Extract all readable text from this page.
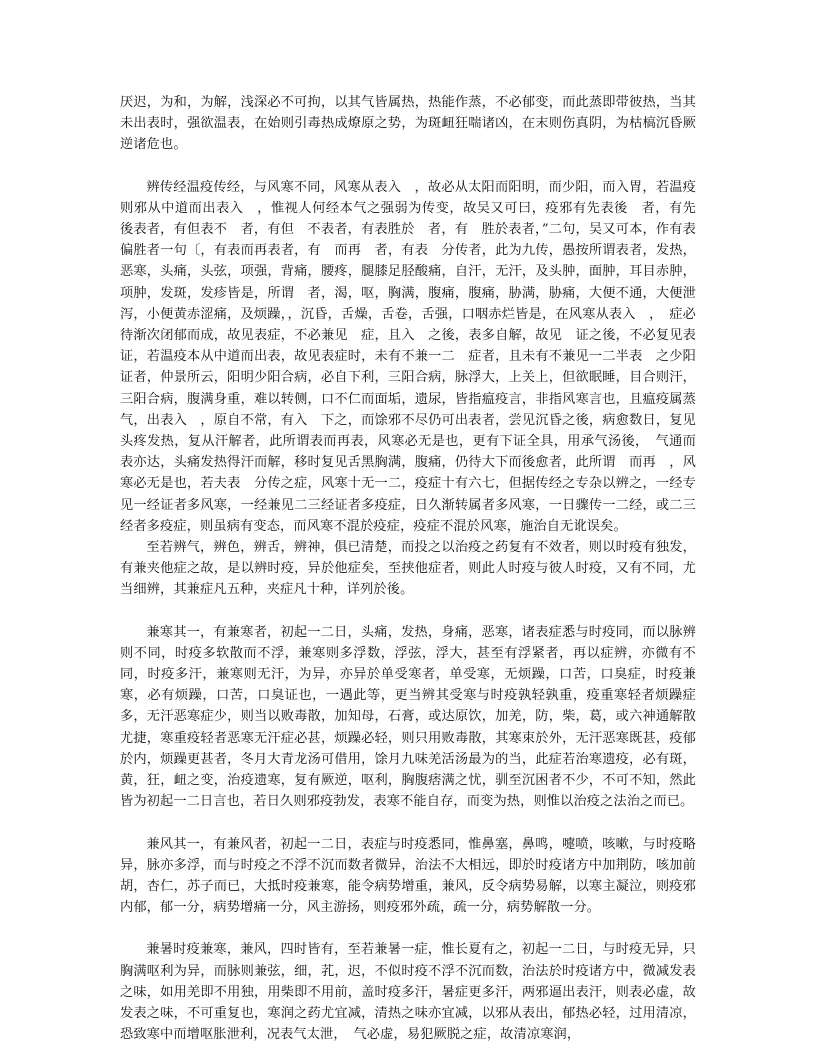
厌迟，为和，为解，浅深必不可拘，以其气皆属热，热能作蒸，不必郁变，而此蒸即带彼热，当其未出表时，强欲温表，在始则引毒热成燎原之势，为斑衄狂喘诸凶，在末则伤真阴，为枯槁沉昏厥逆诸危也。

辨传经温疫传经，与风寒不同，风寒从表入　，故必从太阳而阳明，而少阳，而入胃，若温疫则邪从中道而出表入　，惟视人何经本气之强弱为传变，故吴又可曰，疫邪有先表後　者，有先　後表者，有但表不　者，有但　不表者，有表胜於　者，有　胜於表者，”二句，吴又可本，作有表　偏胜者一句〔，有表而再表者，有　而再　者，有表　分传者，此为九传，愚按所谓表者，发热，恶寒，头痛，头弦，项强，背痛，腰疼，腿膝足胫酸痛，自汗，无汗，及头肿，面肿，耳目赤肿，项肿，发斑，发疹皆是，所谓　者，渴，呕，胸满，腹痛，腹痛，胁满，胁痛，大便不通，大便泄泻，小便黄赤涩痛，及烦躁，，沉昏，舌燥，舌卷，舌强，口咽赤烂皆是，在风寒从表入　，　症必待渐次闭郁而成，故见表症，不必兼见　症，且入　之後，表多自解，故见　证之後，不必复见表证，若温疫本从中道而出表，故见表症时，未有不兼一二　症者，且未有不兼见一二半表　之少阳证者，仲景所云，阳明少阳合病，必自下利，三阳合病，脉浮大，上关上，但欲眠睡，目合则汗，三阳合病，腹满身重，难以转侧，口不仁而面垢，遗尿，皆指瘟疫言，非指风寒言也，且瘟疫属蒸气，出表入　，原自不常，有入　下之，而馀邪不尽仍可出表者，尝见沉昏之後，病愈数日，复见头疼发热，复从汗解者，此所谓表而再表，风寒必无是也，更有下证全具，用承气汤後，　气通而表亦达，头痛发热得汗而解，移时复见舌黑胸满，腹痛，仍待大下而後愈者，此所谓　而再　，风寒必无是也，若夫表　分传之症，风寒十无一二，疫症十有六七，但据传经之专杂以辨之，一经专见一经证者多风寒，一经兼见二三经证者多疫症，日久渐转属者多风寒，一日骤传一二经，或二三经者多疫症，则虽病有变态，而风寒不混於疫症，疫症不混於风寒，施治自无讹误矣。

至若辨气，辨色，辨舌，辨神，俱已清楚，而投之以治疫之药复有不效者，则以时疫有独发，有兼夹他症之故，是以辨时疫，异於他症矣，至挟他症者，则此人时疫与彼人时疫，又有不同，尤当细辨，其兼症凡五种，夹症凡十种，详列於後。

兼寒其一，有兼寒者，初起一二日，头痛，发热，身痛，恶寒，诸表症悉与时疫同，而以脉辨则不同，时疫多软散而不浮，兼寒则多浮数，浮弦，浮大，甚至有浮紧者，再以症辨，亦微有不同，时疫多汗，兼寒则无汗，为异，亦异於单受寒者，单受寒，无烦躁，口苦，口臭症，时疫兼寒，必有烦躁，口苦，口臭证也，一遇此等，更当辨其受寒与时疫孰轻孰重，疫重寒轻者烦躁症多，无汗恶寒症少，则当以败毒散，加知母，石膏，或达原饮，加羌，防，柴，葛，或六神通解散尤捷，寒重疫轻者恶寒无汗症必甚，烦躁必轻，则只用败毒散，其寒束於外，无汗恶寒既甚，疫郁於内，烦躁更甚者，冬月大青龙汤可借用，馀月九味羌活汤最为的当，此症若治寒遗疫，必有斑，黄，狂，衄之变，治疫遗寒，复有厥逆，呕利，胸腹痞满之忧，驯至沉困者不少，不可不知，然此皆为初起一二日言也，若日久则邪疫勃发，表寒不能自存，而变为热，则惟以治疫之法治之而已。

兼风其一，有兼风者，初起一二日，表症与时疫悉同，惟鼻塞，鼻鸣，嚏喷，咳嗽，与时疫略异，脉亦多浮，而与时疫之不浮不沉而数者微异，治法不大相远，即於时疫诸方中加荆防，咳加前胡，杏仁，苏子而已，大抵时疫兼寒，能令病势增重，兼风，反令病势易解，以寒主凝泣，则疫邪内郁，郁一分，病势增痛一分，风主游扬，则疫邪外疏，疏一分，病势解散一分。

兼暑时疫兼寒，兼风，四时皆有，至若兼暑一症，惟长夏有之，初起一二日，与时疫无异，只胸满呕利为异，而脉则兼弦，细，芤，迟，不似时疫不浮不沉而数，治法於时疫诸方中，微减发表之味，如用羌即不用独，用柴即不用前，盖时疫多汗，暑症更多汗，两邪逼出表汗，则表必虚，故发表之味，不可重复也，寒润之药尤宜减，清热之味亦宜减，以邪从表出，郁热必轻，过用清凉，恐致寒中而增呕胀泄利，况表气太泄，　气必虚，易犯厥脱之症，故清凉寒润，
